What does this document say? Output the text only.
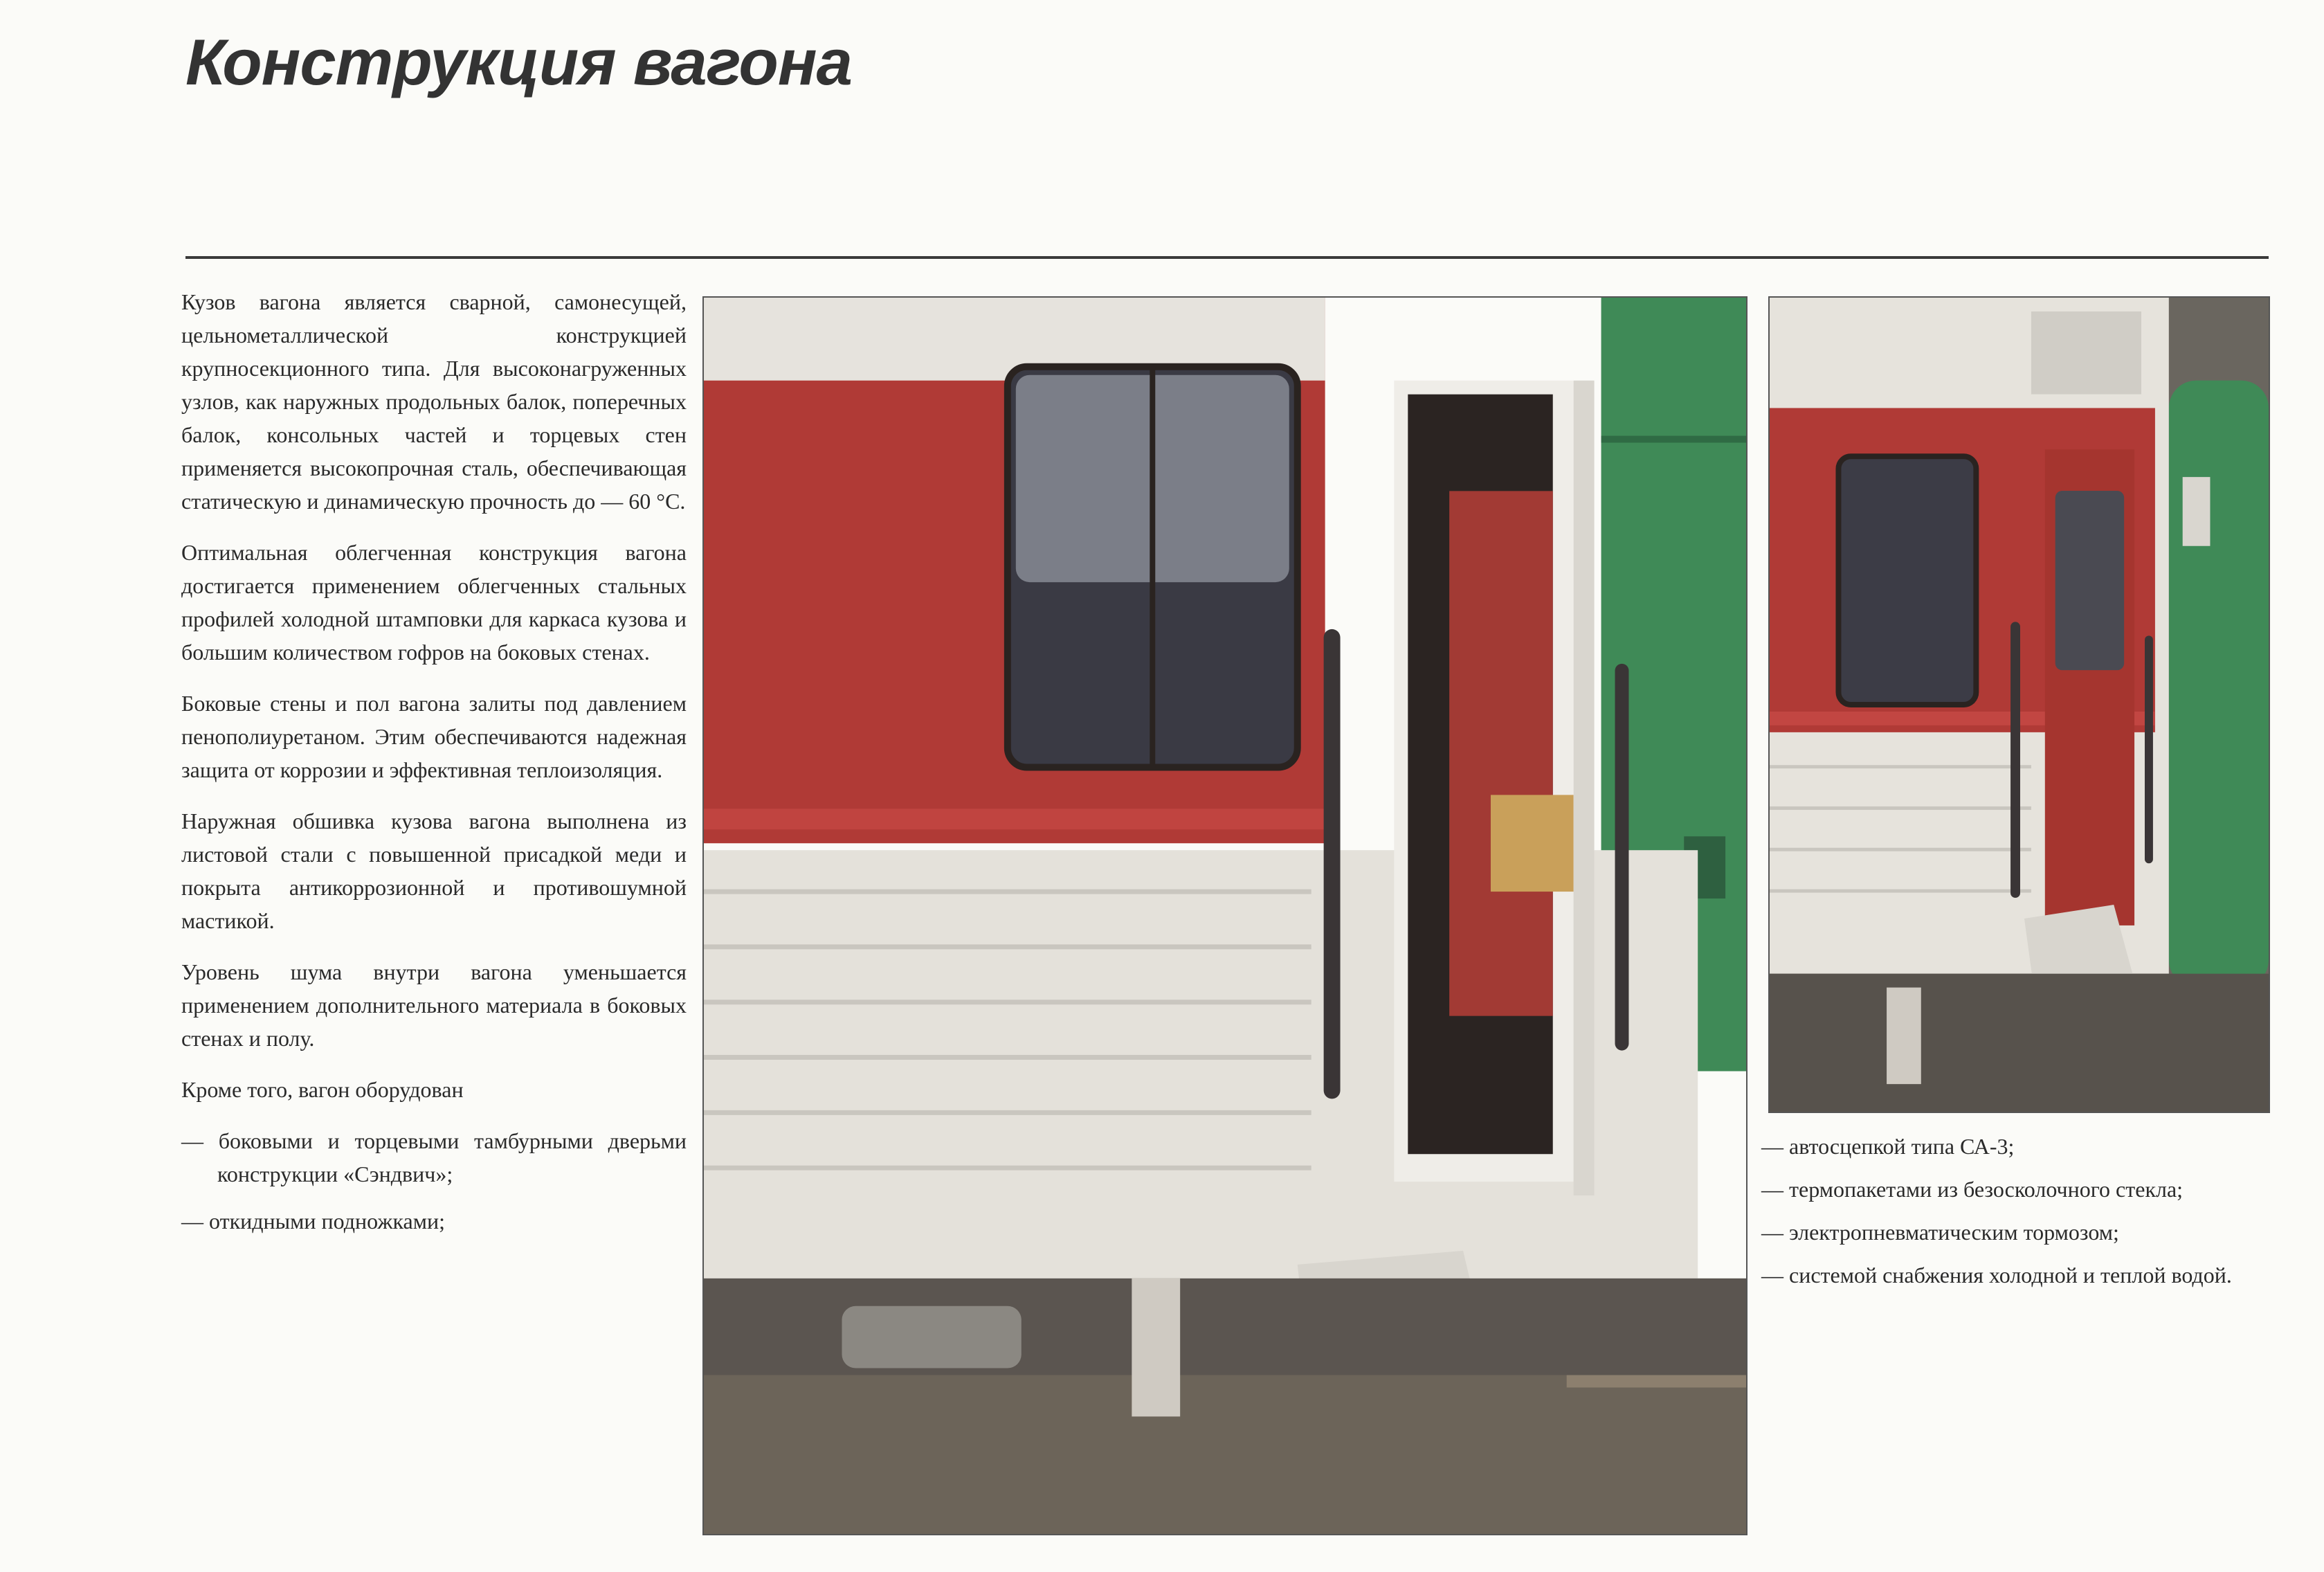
Конструкция вагона

Кузов вагона является сварной, самонесущей, цельнометаллической конструкцией крупносекционного типа. Для высоконагруженных узлов, как наружных продольных балок, поперечных балок, консольных частей и торцевых стен применяется высокопрочная сталь, обеспечивающая статическую и динамическую прочность до — 60 °С.

Оптимальная облегченная конструкция вагона достигается применением облегченных стальных профилей холодной штамповки для каркаса кузова и большим количеством гофров на боковых стенах.

Боковые стены и пол вагона залиты под давлением пенополиуретаном. Этим обеспечиваются надежная защита от коррозии и эффективная теплоизоляция.

Наружная обшивка кузова вагона выполнена из листовой стали с повышенной присадкой меди и покрыта антикоррозионной и противошумной мастикой.

Уровень шума внутри вагона уменьшается применением дополнительного материала в боковых стенах и полу.

Кроме того, вагон оборудован

— боковыми и торцевыми тамбурными дверьми конструкции «Сэндвич»;

— откидными подножками;

— автосцепкой типа СА-3;

— термопакетами из безосколочного стекла;

— электропневматическим тормозом;

— системой снабжения холодной и теплой водой.
